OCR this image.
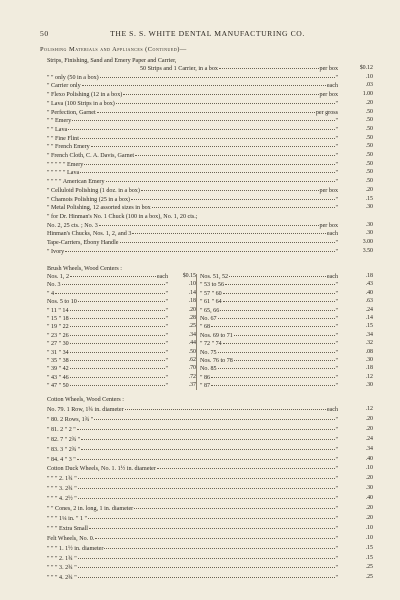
50	THE S. S. WHITE DENTAL MANUFACTURING CO.
Polishing Materials and Appliances (Continued)—
Strips, Finishing, Sand and Emery Paper and Carrier,
50 Strips and 1 Carrier, in a box	per box	$0.12
" " only (50 in a box)	"	.10
" Carrier only	each	.03
" Flexo Polishing (12 in a box)	per box	1.00
" Lava (100 Strips in a box)	"	.20
" Perfection, Garnet	per gross	.50
" " Emery	"	.50
" " Lava	"	.50
" " Fine Flint	"	.50
" " French Emery	"	.50
" French Cloth, C. A. Davis, Garnet	"	.50
" " " " " Emery	"	.50
" " " " " Lava	"	.50
" " " " American Emery	"	.50
" Celluloid Polishing (1 doz. in a box)	per box	.20
" Chamois Polishing (25 in a box)	"	.15
" Metal Polishing, 12 assorted sizes in box	"	.30
" for Dr. Hinman's No. 1 Chuck (100 in a box), No. 1, 20 cts.;
No. 2, 25 cts. ; No. 3	per box	.30
Hinman's Chucks, Nos. 1, 2, and 3	each	.30
Tape-Carriers, Ebony Handle	"	3.00
" Ivory	"	3.50
Brush Wheels, Wood Centers :
Nos. 1, 2	each	$0.15
No. 3	"	.10
" 4	"	.14
Nos. 5 to 10	"	.18
" 11 " 14	"	.20
" 15 " 18	"	.28
" 19 " 22	"	.25
" 23 " 26	"	.34
" 27 " 30	"	.44
" 31 " 34	"	.50
" 35 " 38	"	.62
" 39 " 42	"	.70
" 43 " 46	"	.72
" 47 " 50	"	.37
Nos. 51, 52	each	.18
" 53 to 56	"	.43
" 57 " 60	"	.40
" 61 " 64	"	.63
" 65, 66	"	.24
No. 67	"	.14
" 68	"	.15
Nos. 69 to 71	"	.34
" 72 " 74	"	.32
No. 75	"	.08
Nos. 76 to 78	"	.30
No. 85	"	.18
" 86	"	.12
" 87	"	.30
Cotton Wheels, Wood Centers :
No. 79. 1 Row, 1¾ in. diameter	each	.12
" 80. 2 Rows, 1¾ "	"	.20
" 81. 2 " 2 "	"	.20
" 82. 7 " 2¾ "	"	.24
" 83. 3 " 2¾ "	"	.34
" 84. 4 " 3 "	"	.40
Cotton Duck Wheels, No. 1. 1½ in. diameter	"	.10
" " " 2. 1¾ "	"	.20
" " " 3. 2¾ "	"	.30
" " " 4. 2½ "	"	.40
" " Cones, 2 in. long, 1 in. diameter	"	.20
" " " 1¼ in. " 1 "	"	.20
" " " Extra Small	"	.10
Felt Wheels, No. 0.	"	.10
" " " 1. 1½ in. diameter	"	.15
" " " 2. 1¾ "	"	.15
" " " 3. 2¾ "	"	.25
" " " 4. 2¾ "	"	.25
